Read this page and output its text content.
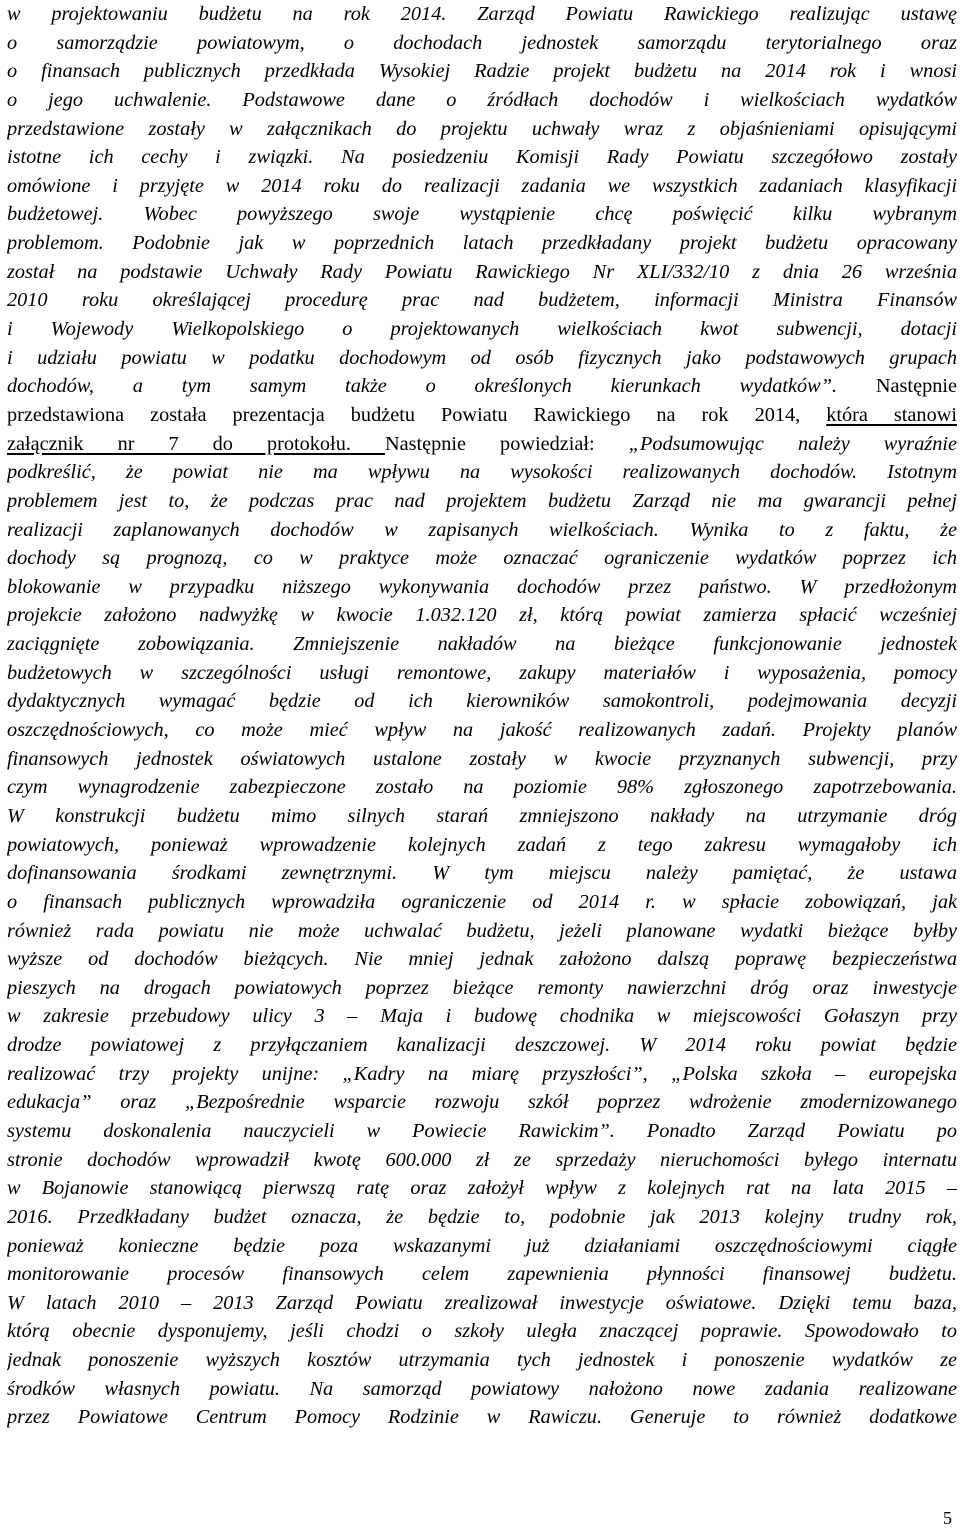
w projektowaniu budżetu na rok 2014. Zarząd Powiatu Rawickiego realizując ustawę
o samorządzie powiatowym, o dochodach jednostek samorządu terytorialnego oraz
o finansach publicznych przedkłada Wysokiej Radzie projekt budżetu na 2014 rok i wnosi
o jego uchwalenie. Podstawowe dane o źródłach dochodów i wielkościach wydatków
przedstawione zostały w załącznikach do projektu uchwały wraz z objaśnieniami opisującymi
istotne ich cechy i związki. Na posiedzeniu Komisji Rady Powiatu szczegółowo zostały
omówione i przyjęte w 2014 roku do realizacji zadania we wszystkich zadaniach klasyfikacji
budżetowej. Wobec powyższego swoje wystąpienie chcę poświęcić kilku wybranym
problemom. Podobnie jak w poprzednich latach przedkładany projekt budżetu opracowany
został na podstawie Uchwały Rady Powiatu Rawickiego Nr XLI/332/10 z dnia 26 września
2010 roku określającej procedurę prac nad budżetem, informacji Ministra Finansów
i Wojewody Wielkopolskiego o projektowanych wielkościach kwot subwencji, dotacji
i udziału powiatu w podatku dochodowym od osób fizycznych jako podstawowych grupach
dochodów, a tym samym także o określonych kierunkach wydatków”. Następnie
przedstawiona została prezentacja budżetu Powiatu Rawickiego na rok 2014, która stanowi
załącznik nr 7 do protokołu. Następnie powiedział: „Podsumowując należy wyraźnie
podkreślić, że powiat nie ma wpływu na wysokości realizowanych dochodów. Istotnym
problemem jest to, że podczas prac nad projektem budżetu Zarząd nie ma gwarancji pełnej
realizacji zaplanowanych dochodów w zapisanych wielkościach. Wynika to z faktu, że
dochody są prognozą, co w praktyce może oznaczać ograniczenie wydatków poprzez ich
blokowanie w przypadku niższego wykonywania dochodów przez państwo. W przedłożonym
projekcie założono nadwyżkę w kwocie 1.032.120 zł, którą powiat zamierza spłacić wcześniej
zaciągnięte zobowiązania. Zmniejszenie nakładów na bieżące funkcjonowanie jednostek
budżetowych w szczególności usługi remontowe, zakupy materiałów i wyposażenia, pomocy
dydaktycznych wymagać będzie od ich kierowników samokontroli, podejmowania decyzji
oszczędnościowych, co może mieć wpływ na jakość realizowanych zadań. Projekty planów
finansowych jednostek oświatowych ustalone zostały w kwocie przyznanych subwencji, przy
czym wynagrodzenie zabezpieczone zostało na poziomie 98% zgłoszonego zapotrzebowania.
W konstrukcji budżetu mimo silnych starań zmniejszono nakłady na utrzymanie dróg
powiatowych, ponieważ wprowadzenie kolejnych zadań z tego zakresu wymagałoby ich
dofinansowania środkami zewnętrznymi. W tym miejscu należy pamiętać, że ustawa
o finansach publicznych wprowadziła ograniczenie od 2014 r. w spłacie zobowiązań, jak
również rada powiatu nie może uchwalać budżetu, jeżeli planowane wydatki bieżące byłby
wyższe od dochodów bieżących. Nie mniej jednak założono dalszą poprawę bezpieczeństwa
pieszych na drogach powiatowych poprzez bieżące remonty nawierzchni dróg oraz inwestycje
w zakresie przebudowy ulicy 3 – Maja i budowę chodnika w miejscowości Gołaszyn przy
drodze powiatowej z przyłączaniem kanalizacji deszczowej. W 2014 roku powiat będzie
realizować trzy projekty unijne: „Kadry na miarę przyszłości”, „Polska szkoła – europejska
edukacja” oraz „Bezpośrednie wsparcie rozwoju szkół poprzez wdrożenie zmodernizowanego
systemu doskonalenia nauczycieli w Powiecie Rawickim”. Ponadto Zarząd Powiatu po
stronie dochodów wprowadził kwotę 600.000 zł ze sprzedaży nieruchomości byłego internatu
w Bojanowie stanowiącą pierwszą ratę oraz założył wpływ z kolejnych rat na lata 2015 –
2016. Przedkładany budżet oznacza, że będzie to, podobnie jak 2013 kolejny trudny rok,
ponieważ konieczne będzie poza wskazanymi już działaniami oszczędnościowymi ciągłe
monitorowanie procesów finansowych celem zapewnienia płynności finansowej budżetu.
W latach 2010 – 2013 Zarząd Powiatu zrealizował inwestycje oświatowe. Dzięki temu baza,
którą obecnie dysponujemy, jeśli chodzi o szkoły uległa znaczącej poprawie. Spowodowało to
jednak ponoszenie wyższych kosztów utrzymania tych jednostek i ponoszenie wydatków ze
środków własnych powiatu. Na samorząd powiatowy nałożono nowe zadania realizowane
przez Powiatowe Centrum Pomocy Rodzinie w Rawiczu. Generuje to również dodatkowe
5
